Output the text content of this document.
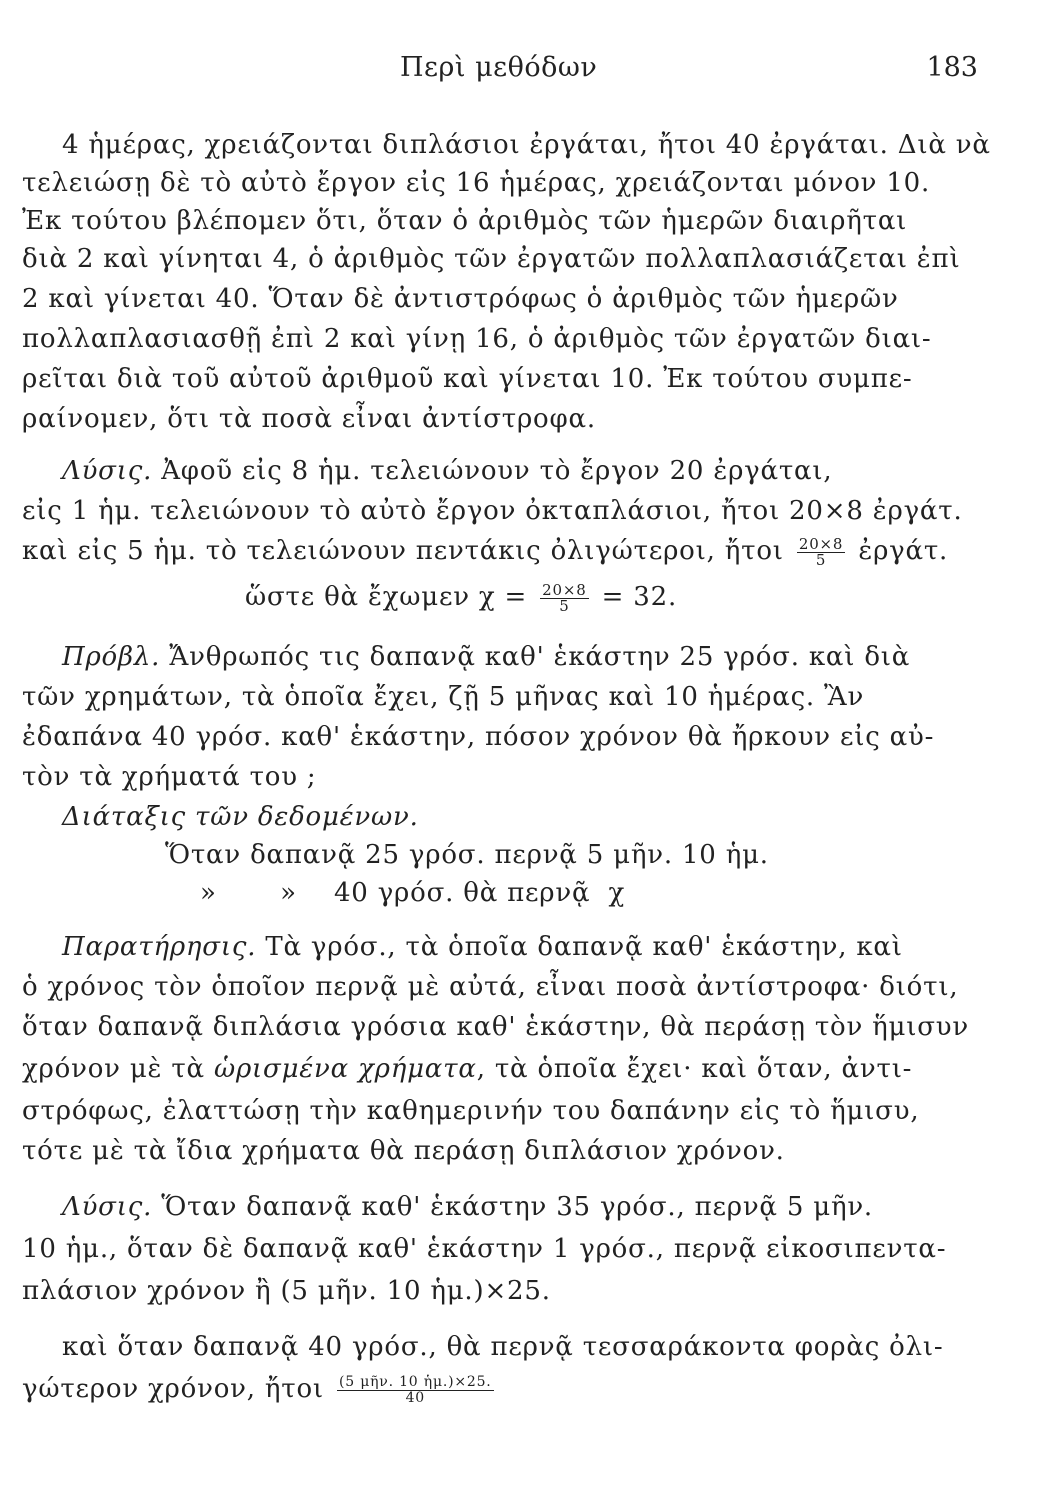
Περὶ μεθόδων	183
4 ἡμέρας, χρειάζονται διπλάσιοι ἐργάται, ἤτοι 40 ἐργάται. Διὰ νὰ
τελειώσῃ δὲ τὸ αὐτὸ ἔργον εἰς 16 ἡμέρας, χρειάζονται μόνον 10.
Ἐκ τούτου βλέπομεν ὅτι, ὅταν ὁ ἀριθμὸς τῶν ἡμερῶν διαιρῆται
διὰ 2 καὶ γίνηται 4, ὁ ἀριθμὸς τῶν ἐργατῶν πολλαπλασιάζεται ἐπὶ
2 καὶ γίνεται 40. Ὅταν δὲ ἀντιστρόφως ὁ ἀριθμὸς τῶν ἡμερῶν
πολλαπλασιασθῇ ἐπὶ 2 καὶ γίνῃ 16, ὁ ἀριθμὸς τῶν ἐργατῶν διαι-
ρεῖται διὰ τοῦ αὐτοῦ ἀριθμοῦ καὶ γίνεται 10. Ἐκ τούτου συμπε-
ραίνομεν, ὅτι τὰ ποσὰ εἶναι ἀντίστροφα.
Λύσις. Ἀφοῦ εἰς 8 ἡμ. τελειώνουν τὸ ἔργον 20 ἐργάται,
εἰς 1 ἡμ. τελειώνουν τὸ αὐτὸ ἔργον ὀκταπλάσιοι, ἤτοι 20⨯8 ἐργάτ.
καὶ εἰς 5 ἡμ. τὸ τελειώνουν πεντάκις ὀλιγώτεροι, ἤτοι $\frac{20\times 8}{5}$ ἐργάτ.
ὥστε θὰ ἔχωμεν $\chi = \frac{20\times 8}{5} = 32$.
Πρόβλ. Ἄνθρωπός τις δαπανᾷ καθ' ἑκάστην 25 γρόσ. καὶ διὰ
τῶν χρημάτων, τὰ ὁποῖα ἔχει, ζῇ 5 μῆνας καὶ 10 ἡμέρας. Ἂν
ἐδαπάνα 40 γρόσ. καθ' ἑκάστην, πόσον χρόνον θὰ ἤρκουν εἰς αὐ-
τὸν τὰ χρήματά του ;
Διάταξις τῶν δεδομένων.
Ὅταν δαπανᾷ 25 γρόσ. περνᾷ 5 μῆν. 10 ἡμ.
»       » 40 γρόσ. θὰ περνᾷ  χ
Παρατήρησις. Τὰ γρόσ., τὰ ὁποῖα δαπανᾷ καθ' ἑκάστην, καὶ
ὁ χρόνος τὸν ὁποῖον περνᾷ μὲ αὐτά, εἶναι ποσὰ ἀντίστροφα· διότι,
ὅταν δαπανᾷ διπλάσια γρόσια καθ' ἑκάστην, θὰ περάσῃ τὸν ἥμισυν
χρόνον μὲ τὰ ὡρισμένα χρήματα, τὰ ὁποῖα ἔχει· καὶ ὅταν, ἀντι-
στρόφως, ἐλαττώσῃ τὴν καθημερινήν του δαπάνην εἰς τὸ ἥμισυ,
τότε μὲ τὰ ἴδια χρήματα θὰ περάσῃ διπλάσιον χρόνον.
Λύσις. Ὅταν δαπανᾷ καθ' ἑκάστην 35 γρόσ., περνᾷ 5 μῆν.
10 ἡμ., ὅταν δὲ δαπανᾷ καθ' ἑκάστην 1 γρόσ., περνᾷ εἰκοσιπεντα-
πλάσιον χρόνον ἢ (5 μῆν. 10 ἡμ.)⨯25.
καὶ ὅταν δαπανᾷ 40 γρόσ., θὰ περνᾷ τεσσαράκοντα φορὰς ὀλι-
γώτερον χρόνον, ἤτοι $\frac{\text{(5 μῆν. 10 ἡμ.)⨯25.}}{40}$
